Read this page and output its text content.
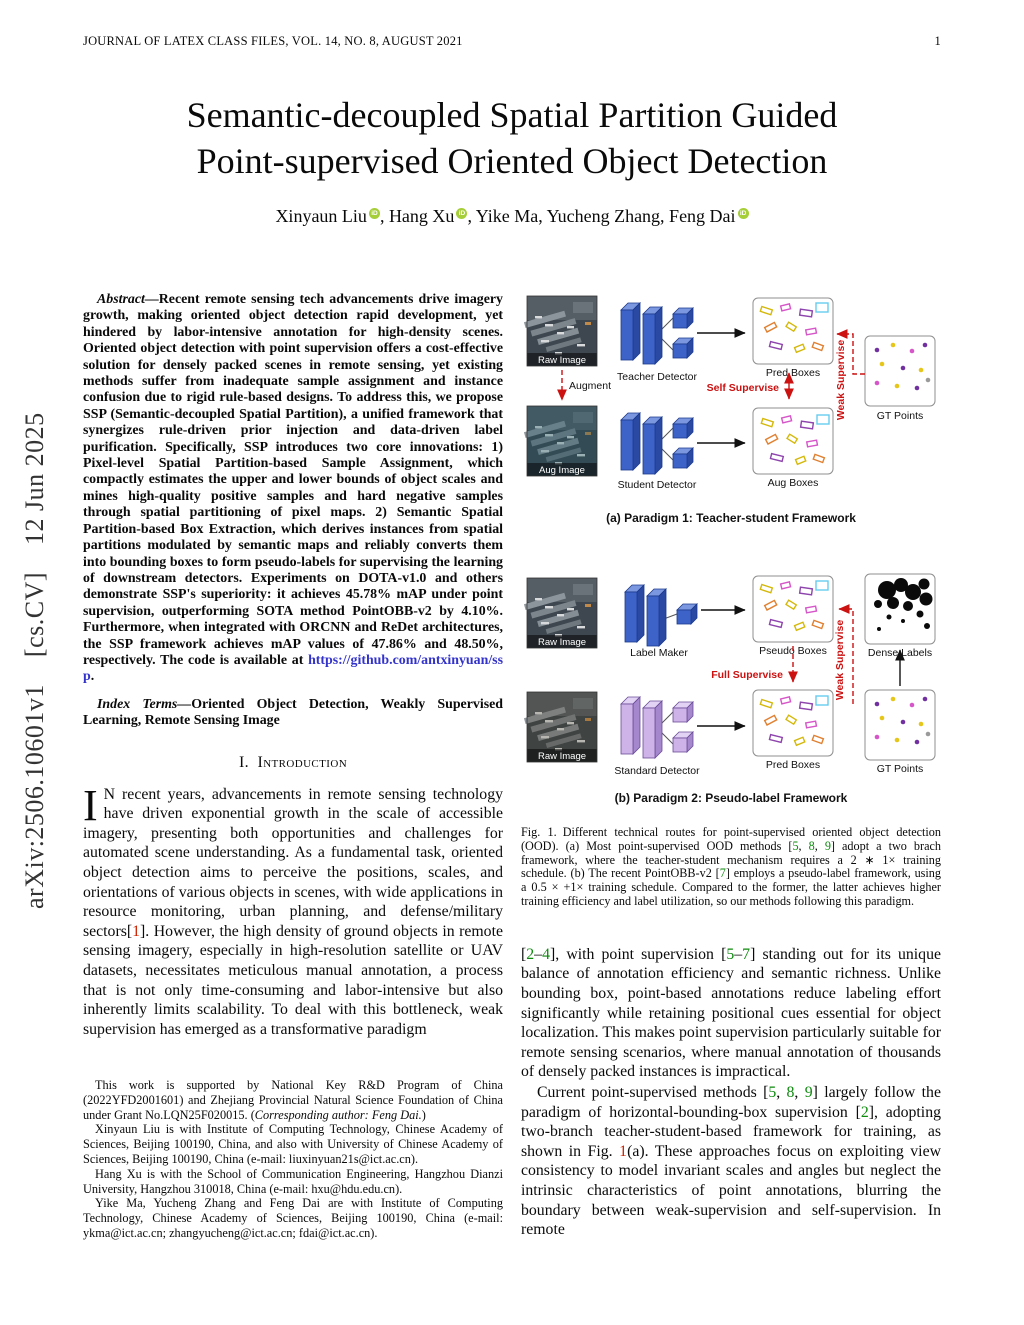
JOURNAL OF LATEX CLASS FILES, VOL. 14, NO. 8, AUGUST 2021	1
arXiv:2506.10601v1  [cs.CV]  12 Jun 2025
Semantic-decoupled Spatial Partition Guided
Point-supervised Oriented Object Detection
Xinyaun Liu iD , Hang Xu iD , Yike Ma, Yucheng Zhang, Feng Dai iD

Abstract—Recent remote sensing tech advancements drive imagery growth, making oriented object detection rapid development, yet hindered by labor-intensive annotation for high-density scenes. Oriented object detection with point supervision offers a cost-effective solution for densely packed scenes in remote sensing, yet existing methods suffer from inadequate sample assignment and instance confusion due to rigid rule-based designs. To address this, we propose SSP (Semantic-decoupled Spatial Partition), a unified framework that synergizes rule-driven prior injection and data-driven label purification. Specifically, SSP introduces two core innovations: 1) Pixel-level Spatial Partition-based Sample Assignment, which compactly estimates the upper and lower bounds of object scales and mines high-quality positive samples and hard negative samples through spatial partitioning of pixel maps. 2) Semantic Spatial Partition-based Box Extraction, which derives instances from spatial partitions modulated by semantic maps and reliably converts them into bounding boxes to form pseudo-labels for supervising the learning of downstream detectors. Experiments on DOTA-v1.0 and others demonstrate SSP's superiority: it achieves 45.78% mAP under point supervision, outperforming SOTA method PointOBB-v2 by 4.10%. Furthermore, when integrated with ORCNN and ReDet architectures, the SSP framework achieves mAP values of 47.86% and 48.50%, respectively. The code is available at https://github.com/antxinyuan/ssp.

Index Terms—Oriented Object Detection, Weakly Supervised Learning, Remote Sensing Image

I. Introduction

I N recent years, advancements in remote sensing technology have driven exponential growth in the scale of accessible imagery, presenting both opportunities and challenges for automated scene understanding. As a fundamental task, oriented object detection aims to perceive the positions, scales, and orientations of various objects in scenes, with wide applications in resource monitoring, urban planning, and defense/military sectors[1]. However, the high density of ground objects in remote sensing imagery, especially in high-resolution satellite or UAV datasets, necessitates meticulous manual annotation, a process that is not only time-consuming and labor-intensive but also inherently limits scalability. To deal with this bottleneck, weak supervision has emerged as a transformative paradigm

This work is supported by National Key R&D Program of China (2022YFD2001601) and Zhejiang Provincial Natural Science Foundation of China under Grant No.LQN25F020015. (Corresponding author: Feng Dai.)

Xinyaun Liu is with Institute of Computing Technology, Chinese Academy of Sciences, Beijing 100190, China, and also with University of Chinese Academy of Sciences, Beijing 100190, China (e-mail: liuxinyuan21s@ict.ac.cn).

Hang Xu is with the School of Communication Engineering, Hangzhou Dianzi University, Hangzhou 310018, China (e-mail: hxu@hdu.edu.cn).

Yike Ma, Yucheng Zhang and Feng Dai are with Institute of Computing Technology, Chinese Academy of Sciences, Beijing 100190, China (e-mail: ykma@ict.ac.cn; zhangyucheng@ict.ac.cn; fdai@ict.ac.cn).

Raw Image
Teacher Detector	Pred Boxes
Augment
Aug Image
Student Detector	Aug Boxes
Self Supervise
GT Points
Weak Supervise
(a) Paradigm 1: Teacher-student Framework
Raw Image
Label Maker	Pseudo Boxes	Dense Labels
Weak Supervise
Full Supervise
Raw Image
Standard Detector	Pred Boxes	GT Points
(b) Paradigm 2: Pseudo-label Framework
Fig. 1. Different technical routes for point-supervised oriented object detection (OOD). (a) Most point-supervised OOD methods [5, 8, 9] adopt a two brach framework, where the teacher-student mechanism requires a 2 ∗ 1× training schedule. (b) The recent PointOBB-v2 [7] employs a pseudo-label framework, using a 0.5 × +1× training schedule. Compared to the former, the latter achieves higher training efficiency and label utilization, so our methods following this paradigm.

[2–4], with point supervision [5–7] standing out for its unique balance of annotation efficiency and semantic richness. Unlike bounding box, point-based annotations reduce labeling effort significantly while retaining positional cues essential for object localization. This makes point supervision particularly suitable for remote sensing scenarios, where manual annotation of thousands of densely packed instances is impractical.

Current point-supervised methods [5, 8, 9] largely follow the paradigm of horizontal-bounding-box supervision [2], adopting two-branch teacher-student-based framework for training, as shown in Fig. 1(a). These approaches focus on exploiting view consistency to model invariant scales and angles but neglect the intrinsic characteristics of point annotations, blurring the boundary between weak-supervision and self-supervision. In remote
